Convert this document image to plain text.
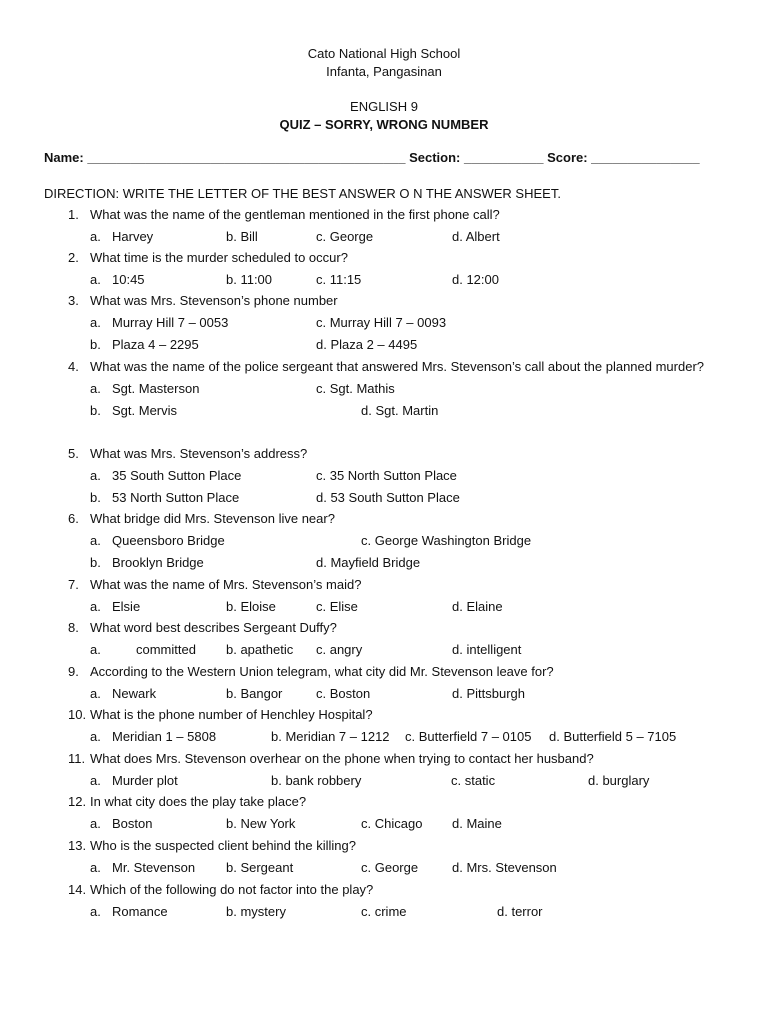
Cato National High School
Infanta, Pangasinan
ENGLISH 9
QUIZ – SORRY, WRONG NUMBER
Name: ____________________________________________ Section: ___________ Score: _______________
DIRECTION: WRITE THE LETTER OF THE BEST ANSWER O N THE ANSWER SHEET.
1. What was the name of the gentleman mentioned in the first phone call?
a. Harvey	b. Bill	c. George	d. Albert
2. What time is the murder scheduled to occur?
a. 10:45	b. 11:00	c. 11:15	d. 12:00
3. What was Mrs. Stevenson’s phone number
a. Murray Hill 7 – 0053	c. Murray Hill 7 – 0093
b. Plaza 4 – 2295	d. Plaza 2 – 4495
4. What was the name of the police sergeant that answered Mrs. Stevenson’s call about the planned murder?
a. Sgt. Masterson	c. Sgt. Mathis
b. Sgt. Mervis	d. Sgt. Martin
5. What was Mrs. Stevenson’s address?
a. 35 South Sutton Place	c. 35 North Sutton Place
b. 53 North Sutton Place	d. 53 South Sutton Place
6. What bridge did Mrs. Stevenson live near?
a. Queensboro Bridge	c. George Washington Bridge
b. Brooklyn Bridge	d. Mayfield Bridge
7. What was the name of Mrs. Stevenson’s maid?
a. Elsie	b. Eloise	c. Elise	d. Elaine
8. What word best describes Sergeant Duffy?
a.	committed b. apathetic c. angry	d. intelligent
9. According to the Western Union telegram, what city did Mr. Stevenson leave for?
a. Newark	b. Bangor	c. Boston	d. Pittsburgh
10. What is the phone number of Henchley Hospital?
a. Meridian 1 – 5808	b. Meridian 7 – 1212 c. Butterfield 7 – 0105 d. Butterfield 5 – 7105
11. What does Mrs. Stevenson overhear on the phone when trying to contact her husband?
a. Murder plot	b. bank robbery	c. static	d. burglary
12. In what city does the play take place?
a. Boston	b. New York	c. Chicago d. Maine
13. Who is the suspected client behind the killing?
a. Mr. Stevenson b. Sergeant	c. George	d. Mrs. Stevenson
14. Which of the following do not factor into the play?
a. Romance	b. mystery	c. crime	d. terror
